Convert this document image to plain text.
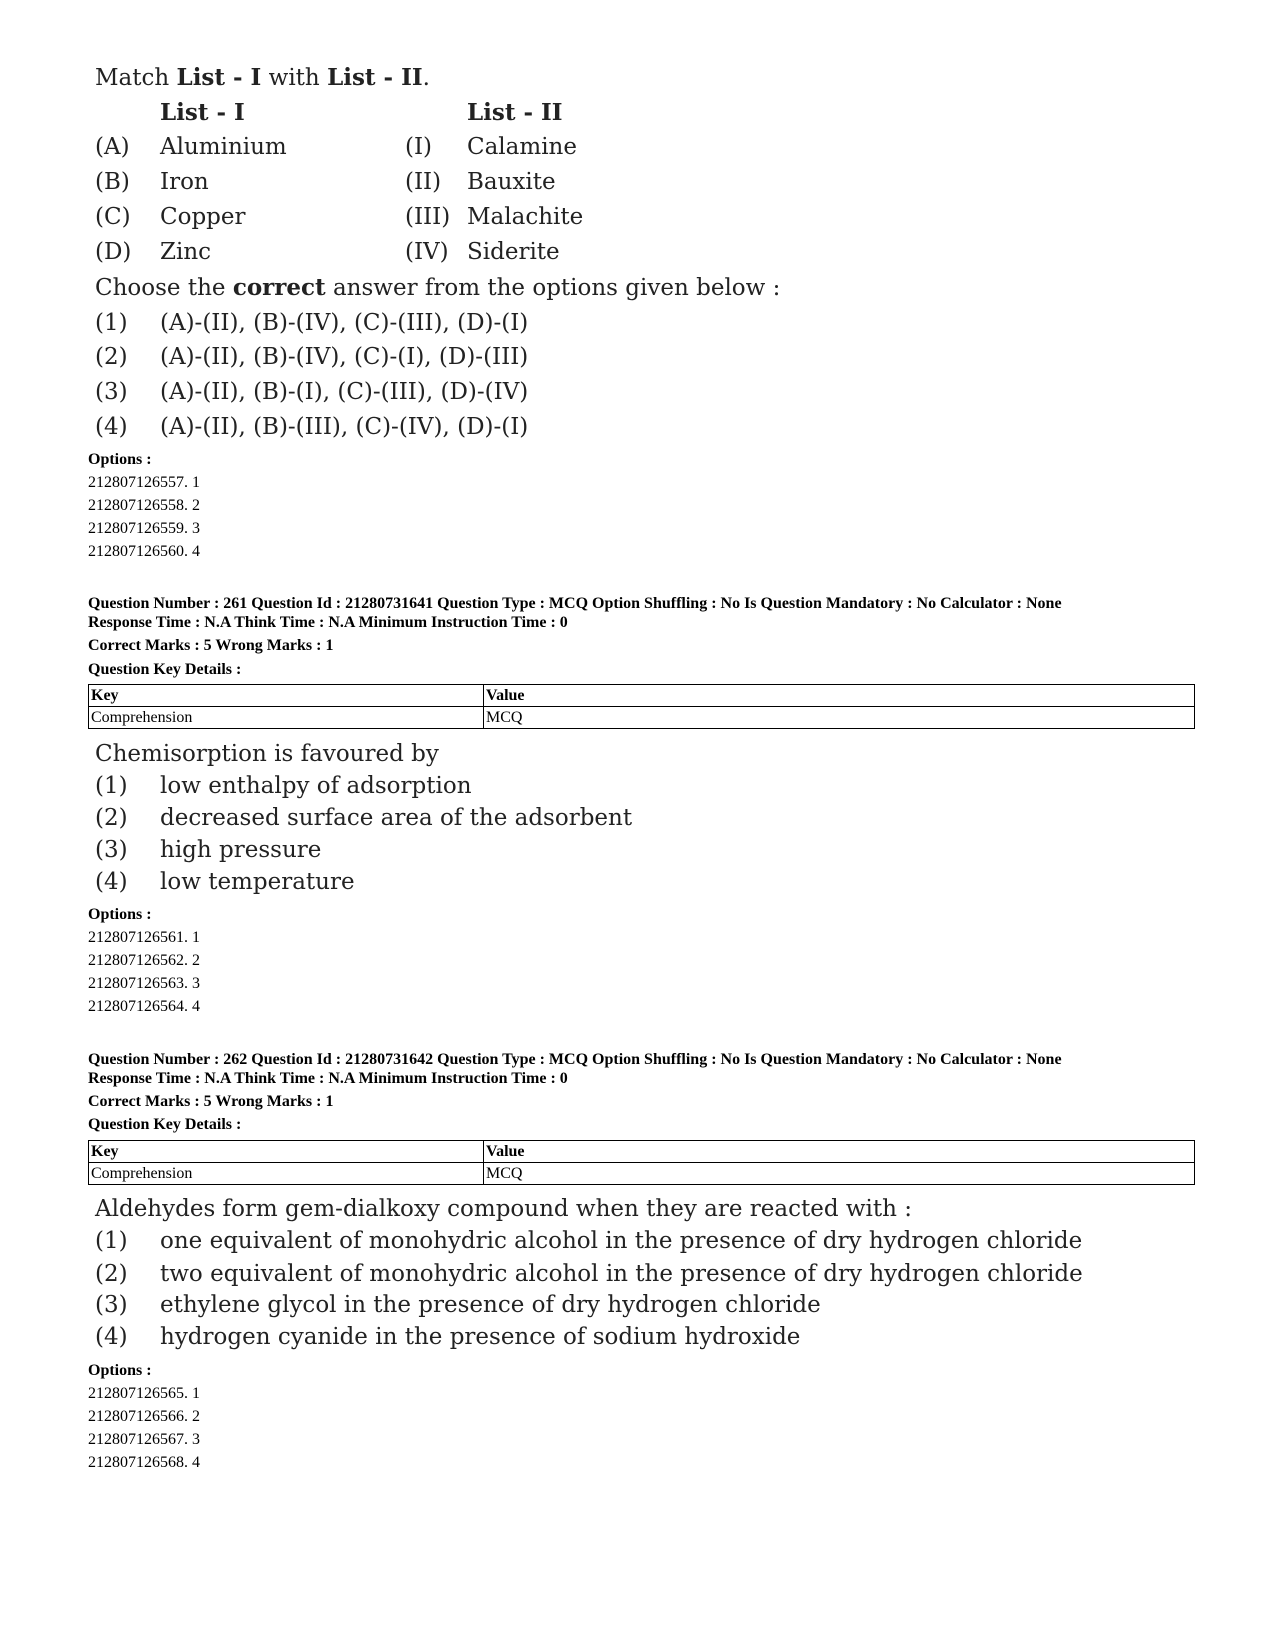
Match List - I with List - II.
List - I	List - II
(A) Aluminium	(I) Calamine
(B) Iron	(II) Bauxite
(C) Copper	(III) Malachite
(D) Zinc	(IV) Siderite
Choose the correct answer from the options given below :
(1) (A)-(II), (B)-(IV), (C)-(III), (D)-(I)
(2) (A)-(II), (B)-(IV), (C)-(I), (D)-(III)
(3) (A)-(II), (B)-(I), (C)-(III), (D)-(IV)
(4) (A)-(II), (B)-(III), (C)-(IV), (D)-(I)
Options :
212807126557. 1
212807126558. 2
212807126559. 3
212807126560. 4
Question Number : 261 Question Id : 21280731641 Question Type : MCQ Option Shuffling : No Is Question Mandatory : No Calculator : None
Response Time : N.A Think Time : N.A Minimum Instruction Time : 0
Correct Marks : 5 Wrong Marks : 1
Question Key Details :
Key	Value
Comprehension	MCQ
Chemisorption is favoured by
(1) low enthalpy of adsorption
(2) decreased surface area of the adsorbent
(3) high pressure
(4) low temperature
Options :
212807126561. 1
212807126562. 2
212807126563. 3
212807126564. 4
Question Number : 262 Question Id : 21280731642 Question Type : MCQ Option Shuffling : No Is Question Mandatory : No Calculator : None
Response Time : N.A Think Time : N.A Minimum Instruction Time : 0
Correct Marks : 5 Wrong Marks : 1
Question Key Details :
Key	Value
Comprehension	MCQ
Aldehydes form gem-dialkoxy compound when they are reacted with :
(1) one equivalent of monohydric alcohol in the presence of dry hydrogen chloride
(2) two equivalent of monohydric alcohol in the presence of dry hydrogen chloride
(3) ethylene glycol in the presence of dry hydrogen chloride
(4) hydrogen cyanide in the presence of sodium hydroxide
Options :
212807126565. 1
212807126566. 2
212807126567. 3
212807126568. 4
